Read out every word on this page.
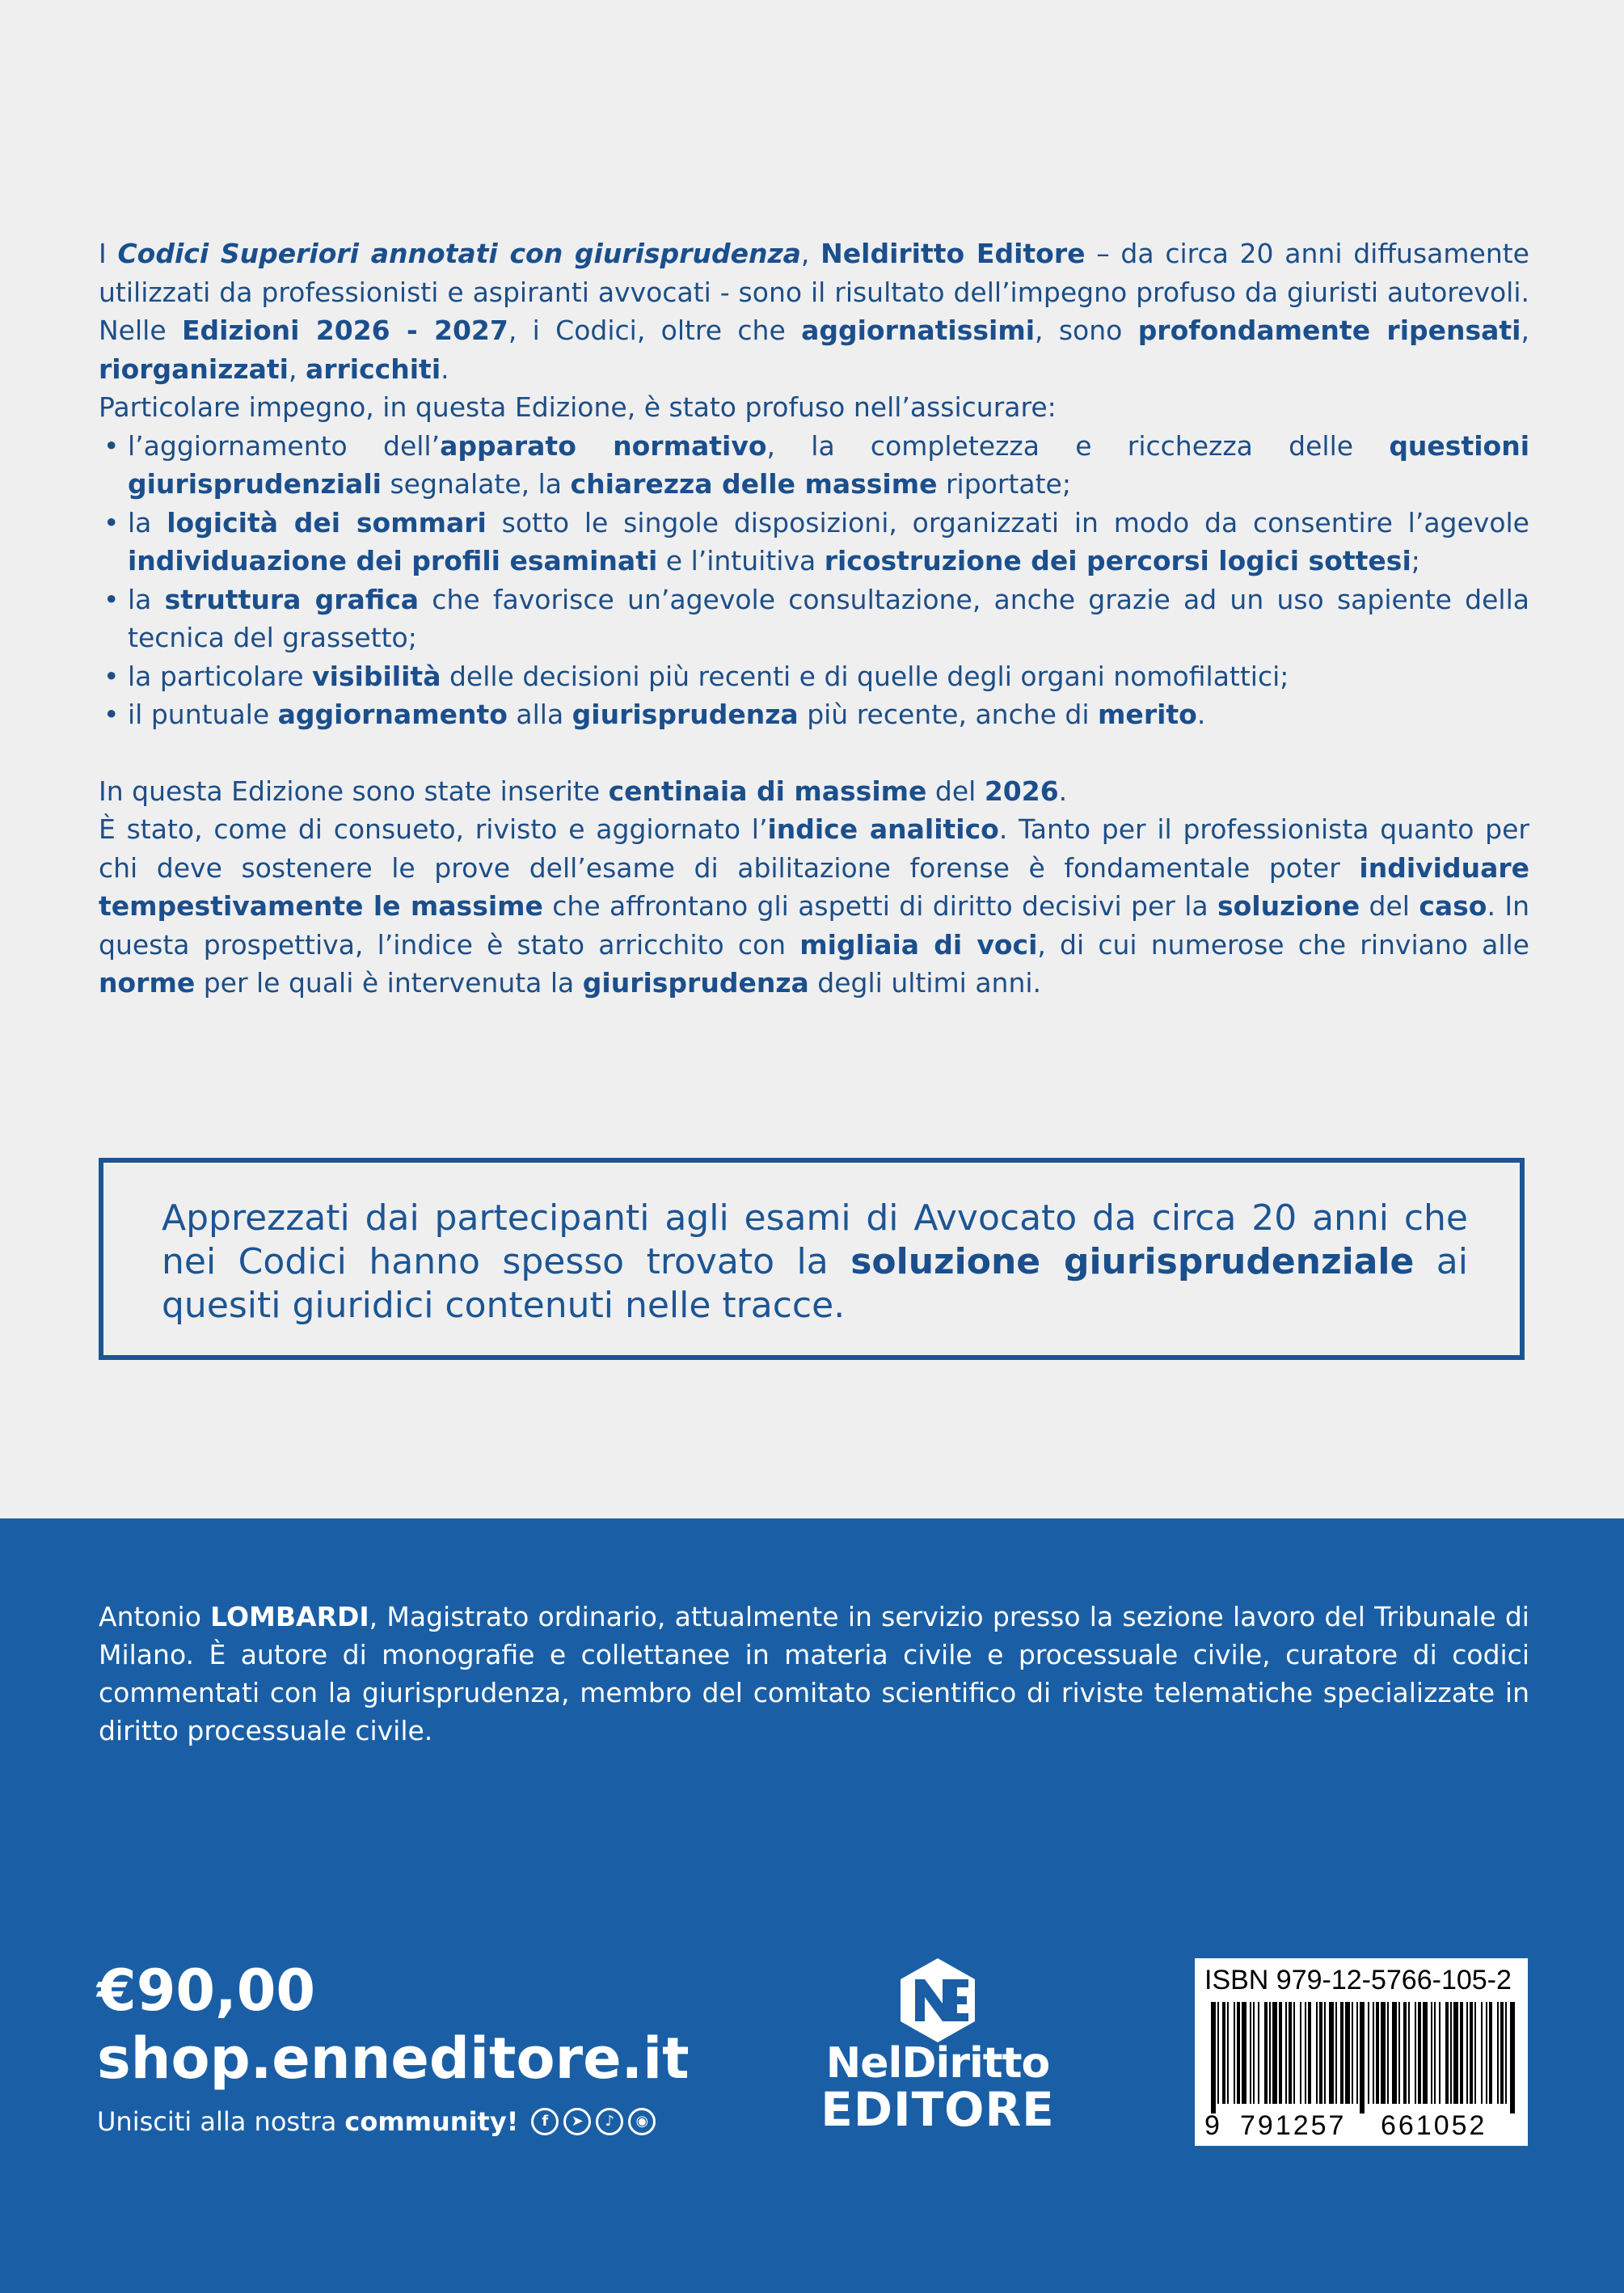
I Codici Superiori annotati con giurisprudenza, Neldiritto Editore – da circa 20 anni diffusamente utilizzati da professionisti e aspiranti avvocati - sono il risultato dell’impegno profuso da giuristi autorevoli. Nelle Edizioni 2026 - 2027, i Codici, oltre che aggiornatissimi, sono profondamente ripensati, riorganizzati, arricchiti.

Particolare impegno, in questa Edizione, è stato profuso nell’assicurare:

• l’aggiornamento dell’apparato normativo, la completezza e ricchezza delle questioni giurisprudenziali segnalate, la chiarezza delle massime riportate;
• la logicità dei sommari sotto le singole disposizioni, organizzati in modo da consentire l’agevole individuazione dei profili esaminati e l’intuitiva ricostruzione dei percorsi logici sottesi;
• la struttura grafica che favorisce un’agevole consultazione, anche grazie ad un uso sapiente della tecnica del grassetto;
• la particolare visibilità delle decisioni più recenti e di quelle degli organi nomofilattici;
• il puntuale aggiornamento alla giurisprudenza più recente, anche di merito.

In questa Edizione sono state inserite centinaia di massime del 2026.

È stato, come di consueto, rivisto e aggiornato l’indice analitico. Tanto per il professionista quanto per chi deve sostenere le prove dell’esame di abilitazione forense è fondamentale poter individuare tempestivamente le massime che affrontano gli aspetti di diritto decisivi per la soluzione del caso. In questa prospettiva, l’indice è stato arricchito con migliaia di voci, di cui numerose che rinviano alle norme per le quali è intervenuta la giurisprudenza degli ultimi anni.

Apprezzati dai partecipanti agli esami di Avvocato da circa 20 anni che nei Codici hanno spesso trovato la soluzione giurisprudenziale ai quesiti giuridici contenuti nelle tracce.
Antonio LOMBARDI, Magistrato ordinario, attualmente in servizio presso la sezione lavoro del Tribunale di Milano. È autore di monografie e collettanee in materia civile e processuale civile, curatore di codici commentati con la giurisprudenza, membro del comitato scientifico di riviste telematiche specializzate in diritto processuale civile.
€90,00
shop.enneditore.it
Unisciti alla nostra community!	f	➤	♪	◉
NelDiritto
EDITORE
ISBN 979-12-5766-105-2
9 791257 661052
